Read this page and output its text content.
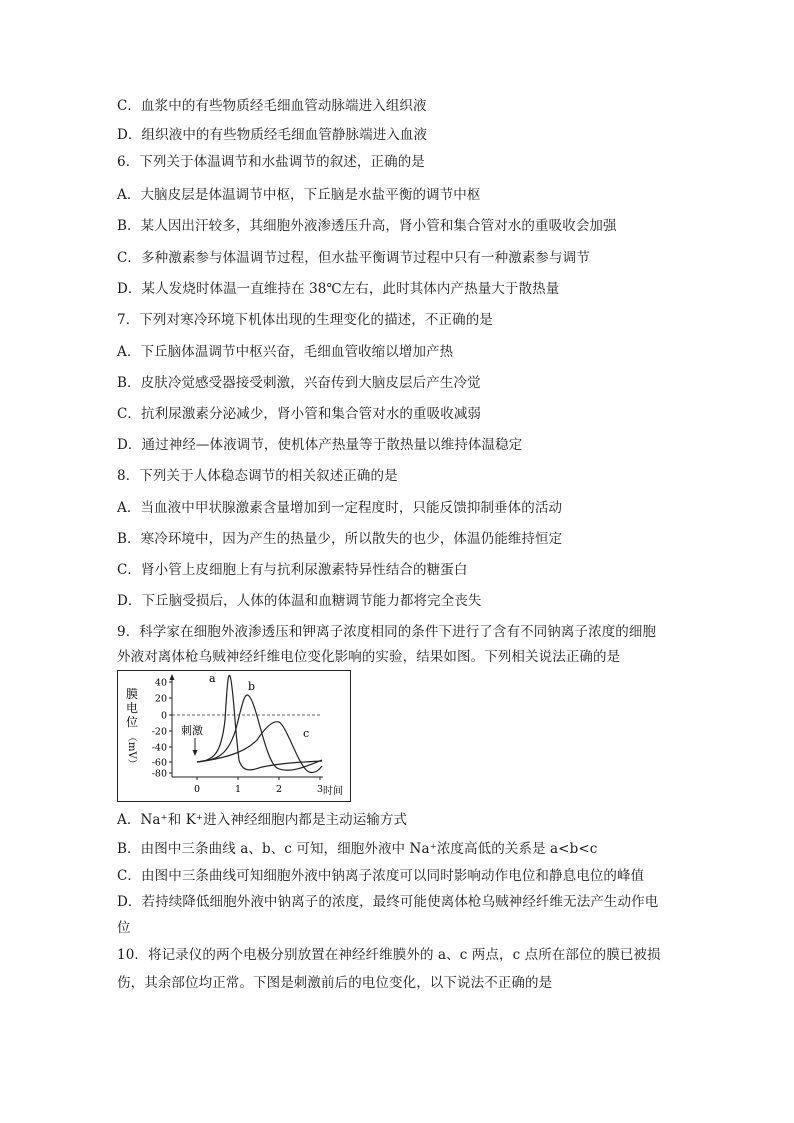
C．血浆中的有些物质经毛细血管动脉端进入组织液
D．组织液中的有些物质经毛细血管静脉端进入血液
6．下列关于体温调节和水盐调节的叙述，正确的是
A．大脑皮层是体温调节中枢，下丘脑是水盐平衡的调节中枢
B．某人因出汗较多，其细胞外液渗透压升高，肾小管和集合管对水的重吸收会加强
C．多种激素参与体温调节过程，但水盐平衡调节过程中只有一种激素参与调节
D．某人发烧时体温一直维持在 38℃左右，此时其体内产热量大于散热量
7．下列对寒冷环境下机体出现的生理变化的描述，不正确的是
A．下丘脑体温调节中枢兴奋，毛细血管收缩以增加产热
B．皮肤冷觉感受器接受刺激，兴奋传到大脑皮层后产生冷觉
C．抗利尿激素分泌减少，肾小管和集合管对水的重吸收减弱
D．通过神经—体液调节，使机体产热量等于散热量以维持体温稳定
8．下列关于人体稳态调节的相关叙述正确的是
A．当血液中甲状腺激素含量增加到一定程度时，只能反馈抑制垂体的活动
B．寒冷环境中，因为产生的热量少，所以散失的也少，体温仍能维持恒定
C．肾小管上皮细胞上有与抗利尿激素特异性结合的糖蛋白
D．下丘脑受损后，人体的体温和血糖调节能力都将完全丧失
9．科学家在细胞外液渗透压和钾离子浓度相同的条件下进行了含有不同钠离子浓度的细胞
外液对离体枪乌贼神经纤维电位变化影响的实验，结果如图。下列相关说法正确的是
A．Na⁺和 K⁺进入神经细胞内都是主动运输方式
B．由图中三条曲线 a、b、c 可知，细胞外液中 Na⁺浓度高低的关系是 a<b<c
C．由图中三条曲线可知细胞外液中钠离子浓度可以同时影响动作电位和静息电位的峰值
D．若持续降低细胞外液中钠离子的浓度，最终可能使离体枪乌贼神经纤维无法产生动作电
位
10．将记录仪的两个电极分别放置在神经纤维膜外的 a、c 两点，c 点所在部位的膜已被损
伤，其余部位均正常。下图是刺激前后的电位变化，以下说法不正确的是
膜
电
位
（mV）
40
20
0
-20
-40
-60
-80
0	1	2	3 时间
刺激
a
b
c
